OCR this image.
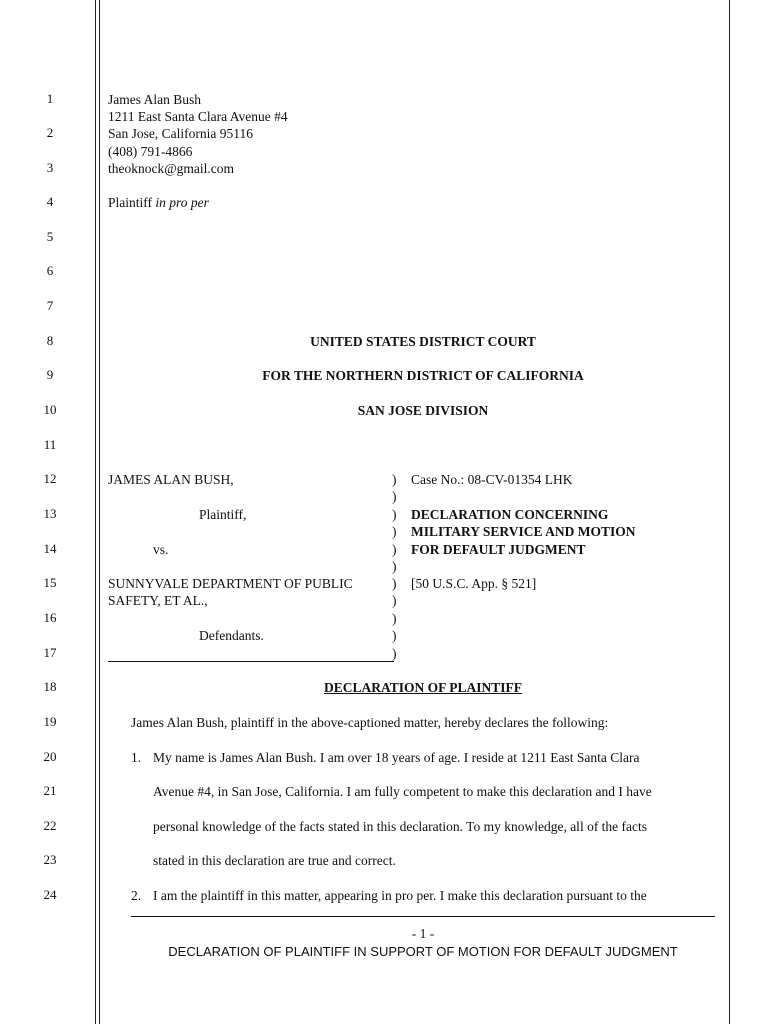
1
2
3
4
5
6
7
8
9
10
11
12
13
14
15
16
17
18
19
20
21
22
23
24
James Alan Bush
1211 East Santa Clara Avenue #4
San Jose, California 95116
(408) 791-4866
theoknock@gmail.com
Plaintiff in pro per
UNITED STATES DISTRICT COURT
FOR THE NORTHERN DISTRICT OF CALIFORNIA
SAN JOSE DIVISION
JAMES ALAN BUSH,
Plaintiff,
vs.
SUNNYVALE DEPARTMENT OF PUBLIC
SAFETY, ET AL.,
Defendants.
)
)
)
)
)
)
)
)
)
)
)
Case No.: 08-CV-01354 LHK
DECLARATION CONCERNING
MILITARY SERVICE AND MOTION
FOR DEFAULT JUDGMENT
[50 U.S.C. App. § 521]
DECLARATION OF PLAINTIFF
James Alan Bush, plaintiff in the above-captioned matter, hereby declares the following:
1. My name is James Alan Bush. I am over 18 years of age. I reside at 1211 East Santa Clara
Avenue #4, in San Jose, California. I am fully competent to make this declaration and I have
personal knowledge of the facts stated in this declaration. To my knowledge, all of the facts
stated in this declaration are true and correct.
2. I am the plaintiff in this matter, appearing in pro per. I make this declaration pursuant to the
- 1 -
DECLARATION OF PLAINTIFF IN SUPPORT OF MOTION FOR DEFAULT JUDGMENT
